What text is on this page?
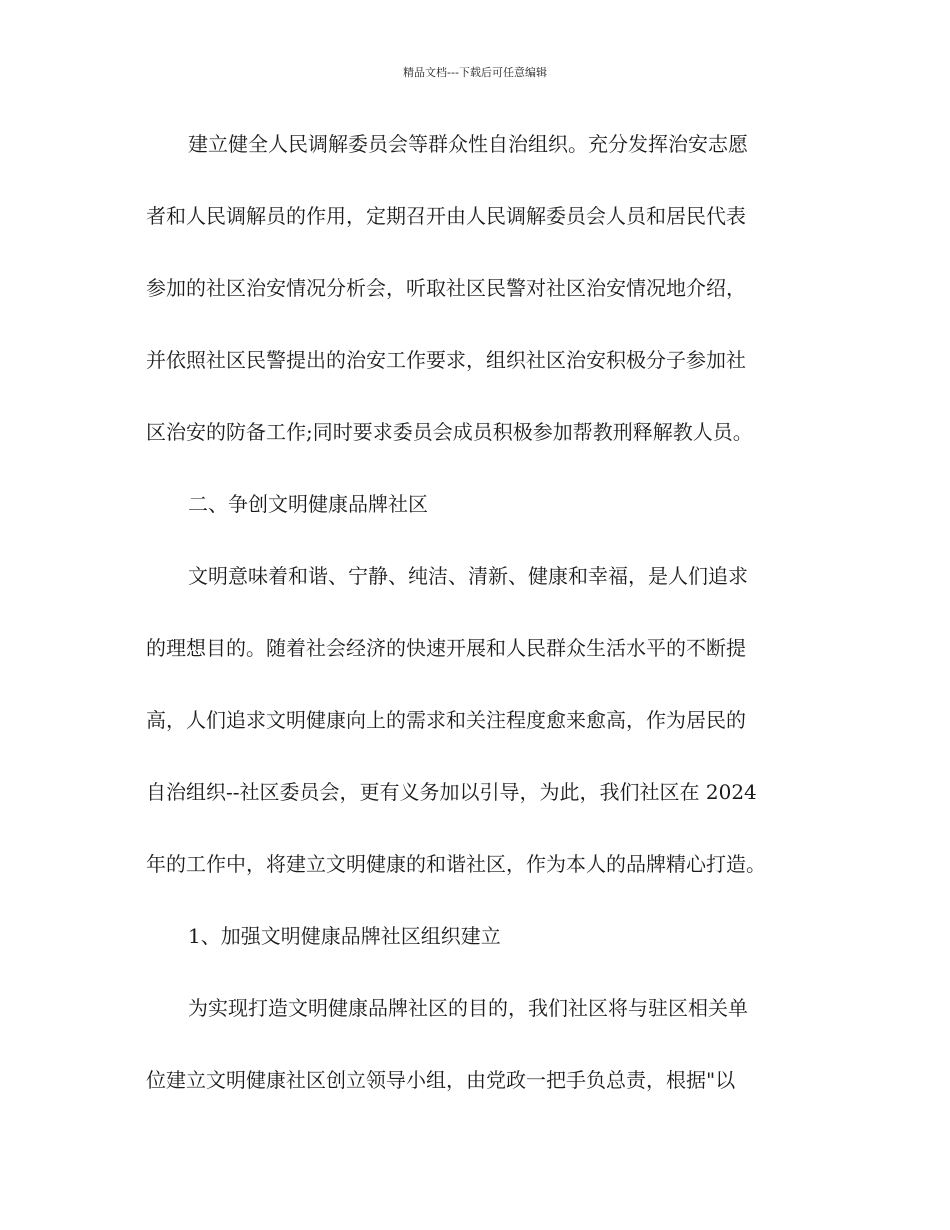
精品文档---下载后可任意编辑
建立健全人民调解委员会等群众性自治组织。充分发挥治安志愿
者和人民调解员的作用，定期召开由人民调解委员会人员和居民代表
参加的社区治安情况分析会，听取社区民警对社区治安情况地介绍，
并依照社区民警提出的治安工作要求，组织社区治安积极分子参加社
区治安的防备工作;同时要求委员会成员积极参加帮教刑释解教人员。
二、争创文明健康品牌社区
文明意味着和谐、宁静、纯洁、清新、健康和幸福，是人们追求
的理想目的。随着社会经济的快速开展和人民群众生活水平的不断提
高，人们追求文明健康向上的需求和关注程度愈来愈高，作为居民的
自治组织--社区委员会，更有义务加以引导，为此，我们社区在 2024
年的工作中，将建立文明健康的和谐社区，作为本人的品牌精心打造。
1、加强文明健康品牌社区组织建立
为实现打造文明健康品牌社区的目的，我们社区将与驻区相关单
位建立文明健康社区创立领导小组，由党政一把手负总责，根据"以
